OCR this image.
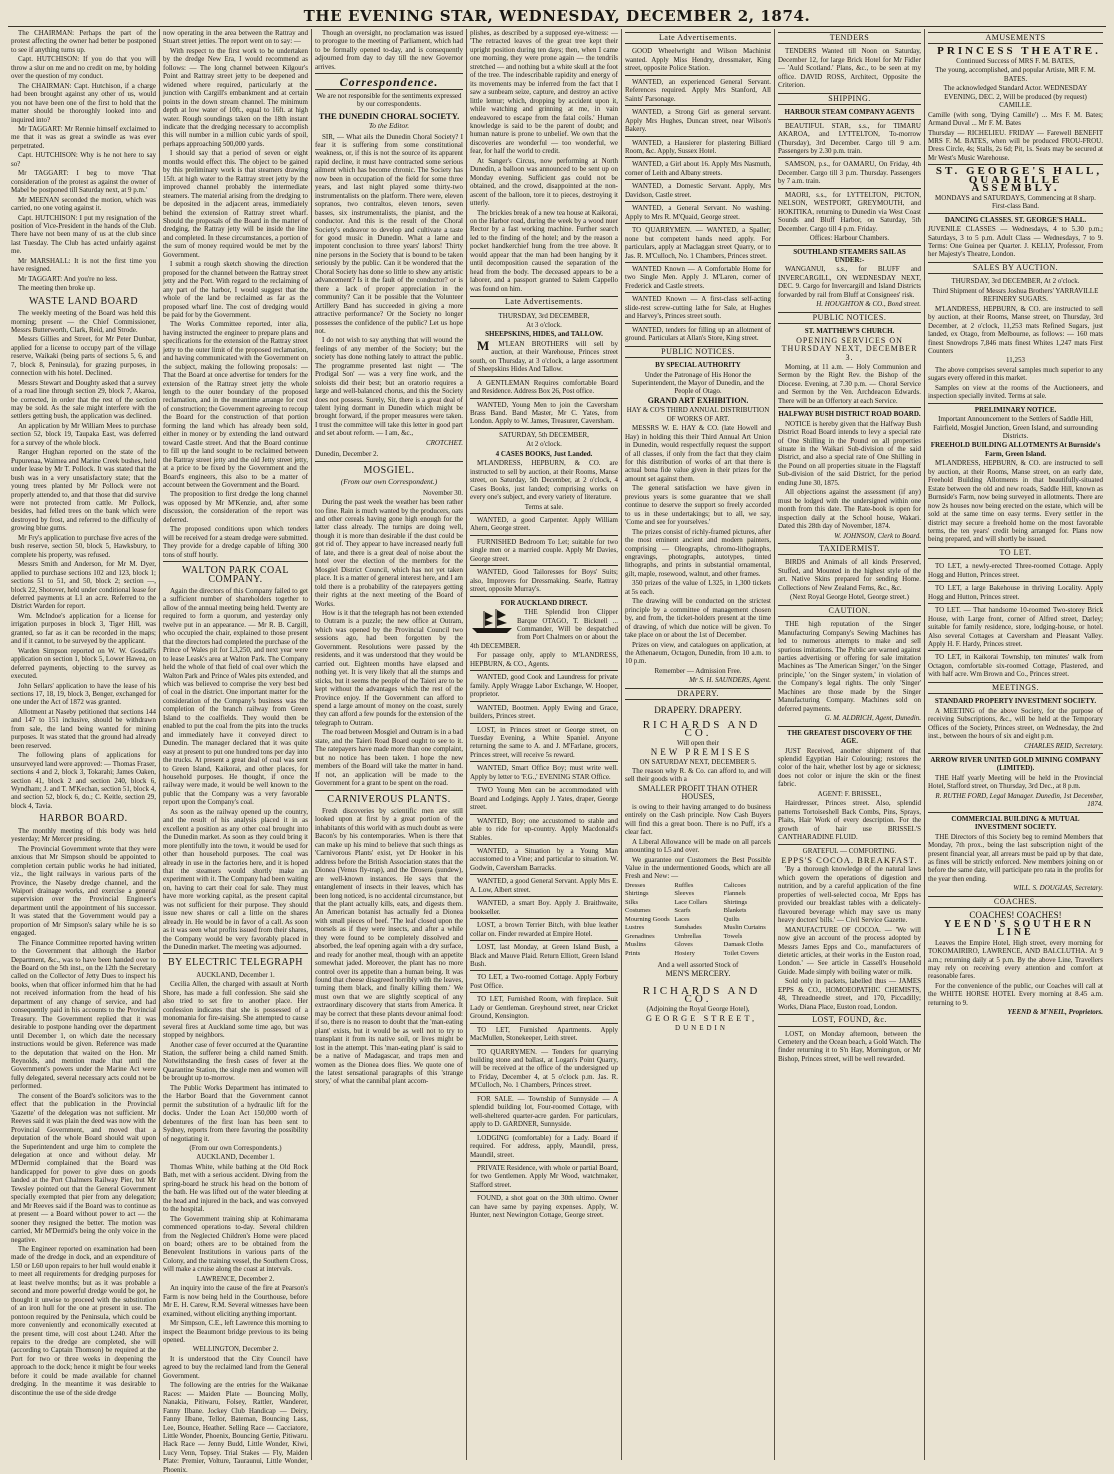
THE EVENING STAR, WEDNESDAY, DECEMBER 2, 1874.

The CHAIRMAN: Perhaps the part of the protest affecting the owner had better be postponed to see if anything turns up.

Capt. HUTCHISON: If you do that you will throw a slur on me and no credit on me, by holding over the question of my conduct.

The CHAIRMAN: Capt. Hutchison, if a charge had been brought against any other of us, would you not have been one of the first to hold that the matter should be thoroughly looked into and inquired into?

Mr TAGGART: Mr Rennie himself exclaimed to me that it was as great a swindle as was ever perpetrated.

Capt. HUTCHISON: Why is he not here to say so?

Mr TAGGART: I beg to move 'That consideration of the protest as against the owner of Mabel be postponed till Saturday next, at 9 p.m.'

Mr MEENAN seconded the motion, which was carried, no one voting against it.

Capt. HUTCHISON: I put my resignation of the position of Vice-President in the hands of the Club. There have not been many of us at the club since last Tuesday. The Club has acted unfairly against me.

Mr MARSHALL: It is not the first time you have resigned.

Mr TAGGART: And you're no less.

The meeting then broke up.

WASTE LAND BOARD

The weekly meeting of the Board was held this morning; present — the Chief Commissioner, Messrs Butterworth, Clark, Reid, and Strode.

Messrs Gillies and Street, for Mr Peter Dunbar, applied for a license to occupy part of the village reserve, Waikaki (being parts of sections 5, 6, and 7, block 8, Peninsula), for grazing purposes, in connection with his hotel. Declined.

Messrs Stewart and Doughty asked that a survey of a road line through section 29, block 7, Akaroa, be corrected, in order that the rest of the section may be sold. As the sale might interfere with the settlers getting bush, the application was declined.

An application by Mr William Mees to purchase section 52, block 19, Taupaka East, was deferred for a survey of the whole block.

Ranger Hughan reported on the state of the Pupurenaa, Waimea and Marine Creek bushes, held under lease by Mr T. Pollock. It was stated that the bush was in a very unsatisfactory state; that the young trees planted by Mr Pollock were not properly attended to, and that those that did survive were not protected from cattle. Mr Pollock, besides, had felled trees on the bank which were destroyed by frost, and referred to the difficulty of growing blue gums.

Mr Fry's application to purchase five acres of the bush reserve, section 50, block 5, Hawksbury, to complete his property, was refused.

Messrs Smith and Anderson, for Mr M. Dyer, applied to purchase sections 102 and 123, block 1; sections 51 to 51, and 50, block 2; section —, block 22, Shotover, held under conditional lease for deferred payments at L1 an acre. Referred to the District Warden for report.

Wm. McIndoe's application for a license for irrigation purposes in block 3, Tiger Hill, was granted, so far as it can be recorded in the maps; and if it cannot, to be surveyed by the applicant.

Warden Simpson reported on W. W. Gosdall's application on section 1, block 5, Lower Hawea, on deferred payments, objecting to the survey as executed.

John Sellars' application to have the lease of his sections 17, 18, 19, block 3, Benger, exchanged for one under the Act of 1872 was granted.

Allotment at Naseby petitioned that sections 144 and 147 to 151 inclusive, should be withdrawn from sale, the land being wanted for mining purposes. It was stated that the ground had already been reserved.

The following plans of applications for unsurveyed land were approved: — Thomas Fraser, sections 4 and 2, block 3, Tokarahi; James Oaken, section 41, block 2 and section 240, block 6, Wyndham; J. and T. M'Kechan, section 51, block 4, and section 52, block 6, do.; C. Keitle, section 29, block 4, Tavia.

HARBOR BOARD.

The monthly meeting of this body was held yesterday; Mr Mercer presiding.

The Provincial Government wrote that they were anxious that Mr Simpson should be appointed to completion certain public works he had initiated, viz., the light railways in various parts of the Province, the Naseby dredge channel, and the Waipori drainage works, and exercise a general supervision over the Provincial Engineer's department until the appointment of his successor. It was stated that the Government would pay a proportion of Mr Simpson's salary while he is so engaged.

The Finance Committee reported having written to the Government that although the Harbor Department, &c., was to have been handed over to the Board on the 5th inst., on the 12th the Secretary called on the Collector of Jetty Dues to inspect his books, when that officer informed him that he had not received information from the head of his department of any change of service, and had consequently paid in his accounts to the Provincial Treasury. The Government replied that it was desirable to postpone handing over the department until December 1, on which date the necessary instructions would be given. Reference was made to the deputation that waited on the Hon. Mr Reynolds, and mention made that until the Government's powers under the Marine Act were fully delegated, several necessary acts could not be performed.

The consent of the Board's solicitors was to the effect that the publication in the Provincial 'Gazette' of the delegation was not sufficient. Mr Reeves said it was plain the deed was now with the Provincial Government, and moved that a deputation of the whole Board should wait upon the Superintendent and urge him to complete the delegation at once and without delay. Mr M'Dermid complained that the Board was handicapped for power to give dues on goods landed at the Port Chalmers Railway Pier, but Mr Tewsley pointed out that the General Government specially exempted that pier from any delegation; and Mr Reeves said if the Board was to continue as at present — a Board without power to act — the sooner they resigned the better. The motion was carried, Mr M'Dermid's being the only voice in the negative.

The Engineer reported on examination had been made of the dredge in dock, and an expenditure of L50 or L60 upon repairs to her hull would enable it to meet all requirements for dredging purposes for at least twelve months; but as it was probable a second and more powerful dredge would be got, he thought it unwise to proceed with the substitution of an iron hull for the one at present in use. The pontoon required by the Peninsula, which could be more conveniently and economically executed at the present time, will cost about L240. After the repairs to the dredge are completed, she will (according to Captain Thomson) be required at the Port for two or three weeks in deepening the approach to the dock; hence it might be four weeks before it could be made available for channel dredging. In the meantime it was desirable to discontinue the use of the side dredge

now operating in the area between the Rattray and Stuart street jetties. The report went on to say: —

With respect to the first work to be undertaken by the dredge New Era, I would recommend as follows: — The long channel between Kilgour's Point and Rattray street jetty to be deepened and widened where required, particularly at the junction with Cargill's embankment and at certain points in the down stream channel. The minimum depth at low water of 10ft., equal to 16ft. at high water. Rough soundings taken on the 18th instant indicate that the dredging necessary to accomplish this will number in a million cubic yards of spoil, perhaps approaching 500,000 yards.

I should say that a period of seven or eight months would effect this. The object to be gained by this preliminary work is that steamers drawing 15ft. at high water to the Rattray street jetty by the improved channel probably the intermediate steamers. The material arising from the dredging to be deposited in the adjacent areas, immediately behind the extension of Rattray street wharf. Should the proposals of the Board in the matter of dredging, the Rattray jetty will be inside the line and completed. In these circumstances, a portion of the sum of money required would be met by the Government.

I submit a rough sketch showing the direction proposed for the channel between the Rattray street jetty and the Port. With regard to the reclaiming of any part of the harbor, I would suggest that the whole of the land be reclaimed as far as the proposed wharf line. The cost of dredging would be paid for by the Government.

The Works Committee reported, inter alia, having instructed the engineer to prepare plans and specifications for the extension of the Rattray street jetty to the outer limit of the proposed reclamation, and having communicated with the Government on the subject, making the following proposals: — That the Board at once advertise for tenders for the extension of the Rattray street jetty the whole length to the outer boundary of the proposed reclamation, and in the meantime arrange for cost of construction; the Government agreeing to recoup the Board for the construction of that portion forming the land which has already been sold, either in money or by extending the land outward toward Castle street. And that the Board continue to fill up the land sought to be reclaimed between the Rattray street jetty and the old Jetty street jetty, at a price to be fixed by the Government and the Board's engineers, this also to be a matter of account between the Government and the Board.

The proposition to first dredge the long channel was opposed by Mr M'Kenzie, and, after some discussion, the consideration of the report was deferred.

The proposed conditions upon which tenders will be received for a steam dredge were submitted. They provide for a dredge capable of lifting 300 tons of stuff hourly.

WALTON PARK COAL COMPANY.

Again the directors of this Company failed to get a sufficient number of shareholders together to allow of the annual meeting being held. Twenty are required to form a quorum, and yesterday only twelve put in an appearance. — Mr R. B. Cargill, who occupied the chair, explained to those present that the directors had completed the purchase of the Prince of Wales pit for L3,250, and next year were to lease Leask's area at Walton Park. The Company held the whole of that field of coal over which the Walton Park and Prince of Wales pits extended, and which was believed to comprise the very best bed of coal in the district. One important matter for the consideration of the Company's business was the completion of the branch railway from Green Island to the coalfields. They would then be enabled to put the coal from the pits into the trucks and immediately have it conveyed direct to Dunedin. The manager declared that it was quite easy at present to put one hundred tons per day into the trucks. At present a great deal of coal was sent to Green Island, Kaikorai, and other places, for household purposes. He thought, if once the railway were made, it would be well known to the public that the Company was a very favorable report upon the Company's coal.

As soon as the railway opened up the country, and the result of his analysis placed it in as excellent a position as any other coal brought into the Dunedin market. As soon as they could bring it more plentifully into the town, it would be used for other than household purposes. The coal was already in use in the factories here, and it is hoped that the steamers would shortly make an experiment with it. The Company had been waiting on, having to cart their coal for sale. They must have more working capital, as the present capital was not sufficient for their purpose. They should issue new shares or call a little on the shares already in. He would be in favor of a call. As soon as it was seen what profits issued from their shares, the Company would be very favorably placed in the Dunedin market. The meeting was adjourned.

BY ELECTRIC TELEGRAPH

AUCKLAND, December 1.

Cecilia Allen, the charged with assault at North Shore, has made a full confession. She said she also tried to set fire to another place. Her confession indicates that she is possessed of a monomania for fire-raising. She attempted to cause several fires at Auckland some time ago, but was stopped by neighbors.

Another case of fever occurred at the Quarantine Station, the sufferer being a child named Smith. Notwithstanding the fresh cases of fever at the Quarantine Station, the single men and women will be brought up to-morrow.

The Public Works Department has intimated to the Harbor Board that the Government cannot permit the substitution of a hydraulic lift for the docks. Under the Loan Act 150,000 worth of debentures of the first loan has been sent to Sydney, reports from there favoring the possibility of negotiating it.

(From our own Correspondents.)

AUCKLAND, December 1.

Thomas White, while bathing at the Old Rock Bath, met with a serious accident. Diving from the spring-board he struck his head on the bottom of the bath. He was lifted out of the water bleeding at the head and injured in the back, and was conveyed to the hospital.

The Government training ship at Kohimarama commenced operations to-day. Several children from the Neglected Children's Home were placed on board; others are to be obtained from the Benevolent Institutions in various parts of the Colony, and the training vessel, the Southern Cross, will make a cruise along the coast at intervals.

LAWRENCE, December 2.

An inquiry into the cause of the fire at Pearson's Farm is now being held in the Courthouse, before Mr E. H. Carew, R.M. Several witnesses have been examined, without eliciting anything important.

Mr Simpson, C.E., left Lawrence this morning to inspect the Beaumont bridge previous to its being opened.

WELLINGTON, December 2.

It is understood that the City Council have agreed to buy the reclaimed land from the General Government.

The following are the entries for the Waikanae Races: — Maiden Plate — Bouncing Molly, Nanakia, Pitiwaru, Folsey, Rattler, Wanderer, Fanny Ilbane. Jockey Club Handicap — Deiry, Fanny Ilbane, Tellor, Bateman, Bouncing Lass, Lee, Bounce, Heather. Selling Race — Cacciatore, Little Wonder, Phoenix, Bouncing Gertie, Pitiwaru. Hack Race — Jenny Budd, Little Wonder, Kiwi, Lucy Venn, Topsey. Trial Stakes — Fly, Maiden Plate: Premier, Volture, Tauraunui, Little Wonder, Phoenix.

Though an oversight, no proclamation was issued to prorogue to the meeting of Parliament, which had to be formally opened to-day, and is consequently adjourned from day to day till the new Governor arrives.

Correspondence.

We are not responsible for the sentiments expressed by our correspondents.

THE DUNEDIN CHORAL SOCIETY.
To the Editor.

SIR, — What ails the Dunedin Choral Society? I fear it is suffering from some constitutional weakness, or, if this is not the source of its apparent rapid decline, it must have contracted some serious ailment which has become chronic. The Society has now been in occupation of the field for some three years, and last night played some thirty-two instrumentalists on the platform. There were, eleven sopranos, two contraltos, eleven tenors, seven basses, six instrumentalists, the pianist, and the conductor. And this is the result of the Choral Society's endeavor to develop and cultivate a taste for good music in Dunedin. What a lame and impotent conclusion to three years' labors! Thirty nine persons in the Society that is bound to be taken seriously by the public. Can it be wondered that the Choral Society has done so little to shew any artistic advancement? Is it the fault of the conductor? or is there a lack of proper appreciation in the community? Can it be possible that the Volunteer Artillery Band has succeeded in giving a more attractive performance? Or the Society no longer possesses the confidence of the public? Let us hope not.

I do not wish to say anything that will wound the feelings of any member of the Society; but the society has done nothing lately to attract the public. The programme presented last night — 'The Prodigal Son' — was a very fine work, and the soloists did their best; but an oratorio requires a large and well-balanced chorus, and this the Society does not possess. Surely, Sir, there is a great deal of talent lying dormant in Dunedin which might be brought forward, if the proper measures were taken. I trust the committee will take this letter in good part and set about reform. — I am, &c.,

CROTCHET.

Dunedin, December 2.

MOSGIEL.
(From our own Correspondent.)

November 30.

During the past week the weather has been rather too fine. Rain is much wanted by the producers, oats and other cereals having gone high enough for the latter class already. The turnips are doing well, though it is more than desirable if the dust could be got rid of. They appear to have increased nearly full of late, and there is a great deal of noise about the hotel over the election of the members for the Mosgiel District Council, which has not yet taken place. It is a matter of general interest here, and I am told there is a probability of the ratepayers getting their rights at the next meeting of the Board of Works.

How is it that the telegraph has not been extended to Outram is a puzzle; the new office at Outram, which was opened by the Provincial Council two sessions ago, had been forgotten by the Government. Resolutions were passed by the residents, and it was understood that they would be carried out. Eighteen months have elapsed and nothing yet. It is very likely that all the stumps and sticks, but it seems the people of the Taieri are to be kept without the advantages which the rest of the Province enjoy. If the Government can afford to spend a large amount of money on the coast, surely they can afford a few pounds for the extension of the telegraph to Outram.

The road between Mosgiel and Outram is in a bad state, and the Taieri Road Board ought to see to it. The ratepayers have made more than one complaint, but no notice has been taken. I hope the new members of the Board will take the matter in hand. If not, an application will be made to the Government for a grant to be spent on the road.

CARNIVEROUS PLANTS.

Fresh discoveries by scientific men are still looked upon at first by a great portion of the inhabitants of this world with as much doubt as were Bacon's by his contemporaries. When is there that can make up his mind to believe that such things as 'Carnivorous Plants' exist, yet Dr Hooker in his address before the British Association states that the Dionea (Venus fly-trap), and the Drosera (sundew), are well-known instances. He says that the entanglement of insects in their leaves, which has been long noticed, is no accidental circumstance, but that the plant actually kills, eats, and digests them. An American botanist has actually fed a Dionea with small pieces of beef. 'The leaf closed upon the morsels as if they were insects, and after a while they were found to be completely dissolved and absorbed, the leaf opening again with a dry surface, and ready for another meal, though with an appetite somewhat jaded. Moreover, the plant has no more control over its appetite than a human being. It was found that cheese disagreed horribly with the leaves, turning them black, and finally killing them.' We must own that we are slightly sceptical of any extraordinary discovery that starts from America. It may be correct that these plants devour animal food: if so, there is no reason to doubt that the 'man-eating plant' exists, but it would be as well not to try to transplant it from its native soil, or lives might be lost in the attempt. This 'man-eating plant' is said to be a native of Madagascar, and traps men and women as the Dionea does flies. We quote one of the latest sensational paragraphs of this 'strange story,' of what the cannibal plant accom-

plishes, as described by a supposed eye-witness: — 'The retracted leaves of the great tree kept their upright position during ten days; then, when I came one morning, they were prone again — the tendrils stretched — and nothing but a white skull at the foot of the tree. The indescribable rapidity and energy of its movements may be inferred from the fact that I saw a sunbeam seize, capture, and destroy an active little lemur; which, dropping by accident upon it, while watching and grinning at me, in vain endeavored to escape from the fatal coils.' Human knowledge is said to be the parent of doubt; and human nature is prone to unbelief. We own that the discoveries are wonderful — too wonderful, we fear, for half the world to credit.

At Sanger's Circus, now performing at North Dunedin, a balloon was announced to be sent up on Monday evening. Sufficient gas could not be obtained, and the crowd, disappointed at the non-ascent of the balloon, tore it to pieces, destroying it utterly.

The brickies break of a new tea house at Kaikorai, on the Harbor road, during the week by a wood nuer Rector by a fast working machine. Further search led to the finding of the hotel; and by the reason a pocket handkerchief hung from the tree above. It would appear that the man had been hanging by it until decomposition caused the separation of the head from the body. The deceased appears to be a laborer, and a passport granted to Salem Cappello was found on him.

Late Advertisements.

THURSDAY, 3rd DECEMBER,

At 3 o'clock.

SHEEPSKINS, HIDES, and TALLOW.

M M'LEAN BROTHERS will sell by auction, at their Warehouse, Princes street south, on Thursday, at 3 o'clock, a large assortment of Sheepskins Hides And Tallow.

A GENTLEMAN Requires comfortable Board and Residence. Address Box 26, Post office.

WANTED, Young Men to join the Caversham Brass Band. Band Master, Mr C. Yates, from London. Apply to W. James, Treasurer, Caversham.

SATURDAY, 5th DECEMBER,

At 2 o'clock.

4 CASES BOOKS, Just Landed.

M'LANDRESS, HEPBURN, & CO. are instructed to sell by auction, at their Rooms, Manse street, on Saturday, 5th December, at 2 o'clock, 4 Cases Books, just landed; comprising works on every one's subject, and every variety of literature.

Terms at sale.

WANTED, a good Carpenter. Apply William Ahern, George street.

FURNISHED Bedroom To Let; suitable for two single men or a married couple. Apply Mr Davies, George street.

WANTED, Good Tailoresses for Boys' Suits; also, Improvers for Dressmaking. Searle, Rattray street, opposite Murray's.

FOR AUCKLAND DIRECT.

THE Splendid Iron Clipper Barque OTAGO, T. Bicknell ... Commander, Will be despatched from Port Chalmers on or about the 4th DECEMBER.

For passage only, apply to M'LANDRESS, HEPBURN, & CO., Agents.

WANTED, good Cook and Laundress for private family. Apply Wragge Labor Exchange, W. Hooper, proprietor.

WANTED, Bootmen. Apply Ewing and Grace, builders, Princes street.

LOST, in Princes street or George street, on Tuesday Evening, a White Spaniel. Anyone returning the same to A. and J. M'Farlane, grocers, Princes street, will receive 5s reward.

WANTED, Smart Office Boy; must write well. Apply by letter to 'F.G.,' EVENING STAR Office.

TWO Young Men can be accommodated with Board and Lodgings. Apply J. Yates, draper, George street.

WANTED, Boy; one accustomed to stable and able to ride for up-country. Apply Macdonald's Stables.

WANTED, a Situation by a Young Man accustomed to a Vine; and particular to situation. W. Godwin, Caversham Barracks.

WANTED, a good General Servant. Apply Mrs E. A. Low, Albert street.

WANTED, a smart Boy. Apply J. Braithwaite, bookseller.

LOST, a brown Terrier Bitch, with blue leather collar on. Finder rewarded at Empire Hotel.

LOST, last Monday, at Green Island Bush, a Black and Mauve Plaid. Return Elliott, Green Island Bush.

TO LET, a Two-roomed Cottage. Apply Forbury Post Office.

TO LET, Furnished Room, with fireplace. Suit Lady or Gentleman. Greyhound street, near Cricket Ground, Kensington.

TO LET, Furnished Apartments. Apply MacMullen, Stonekeeper, Leith street.

TO QUARRYMEN. — Tenders for quarrying building stone and ballast, at Logan's Point Quarry, will be received at the office of the undersigned up to Friday, December 4, at 5 o'clock p.m. Jas. R. M'Culloch, No. 1 Chambers, Princes street.

FOR SALE. — Township of Sunnyside — A splendid building lot, Four-roomed Cottage, with well-sheltered quarter-acre garden. For particulars, apply to D. GARDNER, Sunnyside.

LODGING (comfortable) for a Lady. Board if required. For address, apply, Maundil, press, Maundil, street.

PRIVATE Residence, with whole or partial Board, for two Gentlemen. Apply Mr Wood, watchmaker, Stafford street.

FOUND, a shot goat on the 30th ultimo. Owner can have same by paying expenses. Apply, W. Hunter, next Newington Cottage, George street.

Late Advertisements.

GOOD Wheelwright and Wilson Machinist wanted. Apply Miss Hendry, dressmaker, King street, opposite Police Station.

WANTED, an experienced General Servant. References required. Apply Mrs Stanford, All Saints' Parsonage.

WANTED, a Strong Girl as general servant. Apply Mrs Hughes, Duncan street, near Wilson's Bakery.

WANTED, a Hausierer for plastering Billiard Room, &c. Apply, Sussex Hotel.

WANTED, a Girl about 16. Apply Mrs Nasmuth, corner of Leith and Albany streets.

WANTED, a Domestic Servant. Apply, Mrs Davidson, Castle street.

WANTED, a General Servant. No washing. Apply to Mrs R. M'Quaid, George street.

TO QUARRYMEN. — WANTED, a Spaller; none but competent hands need apply. For particulars, apply at Maclaggan street Quarry, or to Jas. R. M'Culloch, No. 1 Chambers, Princes street.

WANTED Known — A Comfortable Home for two Single Men. Apply J. M'Laren, corner of Frederick and Castle streets.

WANTED Known — A first-class self-acting slide-rest screw-cutting lathe for Sale, at Hughes and Harvey's, Princes street south.

WANTED, tenders for filling up an allotment of ground. Particulars at Allan's Store, King street.

PUBLIC NOTICES.

BY SPECIAL AUTHORITY

Under the Patronage of His Honor the Superintendent, the Mayor of Dunedin, and the People of Otago.

GRAND ART EXHIBITION.

HAY & CO'S THIRD ANNUAL DISTRIBUTION OF WORKS OF ART.

MESSRS W. E. HAY & CO. (late Howell and Hay) in holding this their Third Annual Art Union in Dunedin, would respectfully request the support of all classes, if only from the fact that they claim for this distribution of works of art that there is actual bona fide value given in their prizes for the amount set against them.

The general satisfaction we have given in previous years is some guarantee that we shall continue to deserve the support so freely accorded to us in these undertakings; but to all, we say, 'Come and see for yourselves.'

The prizes consist of richly-framed pictures, after the most eminent ancient and modern painters, comprising — Oleographs, chromo-lithographs, engravings, photographs, autotypes, tinted lithographs, and prints in substantial ornamental, gilt, maple, rosewood, walnut, and other frames.

350 prizes of the value of L325, in 1,300 tickets at 5s each.

The drawing will be conducted on the strictest principle by a committee of management chosen by, and from, the ticket-holders present at the time of drawing, of which due notice will be given. To take place on or about the 1st of December.

Prizes on view, and catalogues on application, at the Athenaeum, Octagon, Dunedin, from 10 a.m. to 10 p.m.

Remember — Admission Free.

Mr S. H. SAUNDERS, Agent.
DRAPERY.

DRAPERY. DRAPERY.

RICHARDS AND CO.

Will open their

NEW PREMISES

ON SATURDAY NEXT, DECEMBER 5.

The reason why R. & Co. can afford to, and will sell their goods with a

SMALLER PROFIT THAN OTHER HOUSES,

is owing to their having arranged to do business entirely on the Cash principle. Now Cash Buyers will find this a great boon. There is no Puff, it's a clear fact.

A Liberal Allowance will be made on all parcels amounting to L5 and over.

We guarantee our Customers the Best Possible Value in the undermentioned Goods, which are all Fresh and New: —

Dresses	Ruffles	Calicoes
Shirtings	Sleeves	Flannels
Silks	Lace Collars	Shirtings
Costumes	Scarfs	Blankets
Mourning Goods Laces	Quilts
Lustres	Sunshades	Muslin Curtains
Grenadines	Umbrellas	Towels
Muslins	Gloves	Damask Cloths
Prints	Hosiery	Toilet Covers

And a well assorted Stock of

MEN'S MERCERY.

RICHARDS AND CO.

(Adjoining the Royal George Hotel),

GEORGE STREET,

DUNEDIN

TENDERS

TENDERS Wanted till Noon on Saturday, December 12, for large Brick Hotel for Mr Fidler — 'Auld Scotland.' Plans, &c., to be seen at my office. DAVID ROSS, Architect, Opposite the Criterion.

SHIPPING.

HARBOUR STEAM COMPANY AGENTS

BEAUTIFUL STAR, s.s., for TIMARU AKAROA, and LYTTELTON, To-morrow (Thursday), 3rd December. Cargo till 9 a.m. Passengers by 2.30 p.m. train.

SAMSON, p.s., for OAMARU, On Friday, 4th December. Cargo till 3 p.m. Thursday. Passengers by 7 a.m. train.

MAORI, s.s., for LYTTELTON, PICTON, NELSON, WESTPORT, GREYMOUTH, and HOKITIKA, returning to Dunedin via West Coast Sounds and Bluff Harbor, on Saturday, 5th December. Cargo till 4 p.m. Friday.

Offices: Harbour Chambers.

SOUTHLAND STEAMERS SAIL AS UNDER:-

WANGANUI, s.s., for BLUFF and INVERCARGILL, ON WEDNESDAY NEXT, DEC. 9. Cargo for Invercargill and Island Districts forwarded by rail from Bluff at Consignees' risk.

H. HOUGHTON & CO., Bond street.
PUBLIC NOTICES.

ST. MATTHEW'S CHURCH.

OPENING SERVICES ON THURSDAY NEXT, DECEMBER 3.

Morning, at 11 a.m. — Holy Communion and Sermon by the Right Rev. the Bishop of the Diocese. Evening, at 7.30 p.m. — Choral Service and Sermon by the Ven. Archdeacon Edwards. There will be an Offertory at each Service.

HALFWAY BUSH DISTRICT ROAD BOARD.

NOTICE is hereby given that the Halfway Bush District Road Board intends to levy a special rate of One Shilling in the Pound on all properties situate in the Waikari Sub-division of the said District, and also a special rate of One Shilling in the Pound on all properties situate in the Flagstaff Sub-division of the said District, for the period ending June 30, 1875.

All objections against the assessment (if any) must be lodged with the undersigned within one month from this date. The Rate-book is open for inspection daily at the School house, Wakari. Dated this 28th day of November, 1874.

W. JOHNSON, Clerk to Board.
TAXIDERMIST.

BIRDS and Animals of all kinds Preserved, Stuffed, and Mounted in the highest style of the art. Native Skins prepared for sending Home. Collections of New Zealand Ferns, &c., &c.

(Next Royal George Hotel, George street.)

CAUTION.

THE high reputation of the Singer Manufacturing Company's Sewing Machines has led to numerous attempts to make and sell spurious imitations. The Public are warned against parties advertising or offering for sale imitation Machines as 'The American Singer,' 'on the Singer principle,' 'on the Singer system,' in violation of the Company's legal rights. The only 'Singer' Machines are those made by the Singer Manufacturing Company. Machines sold on deferred payments.

G. M. ALDRICH, Agent, Dunedin.

THE GREATEST DISCOVERY OF THE AGE.

JUST Received, another shipment of that splendid Egyptian Hair Colouring; restores the color of the hair, whether lost by age or sickness; does not color or injure the skin or the finest fabric.

AGENT: F. BRISSEL,

Hairdresser, Princes street. Also, splendid patterns Tortoiseshell Back Combs, Pins, Sprays, Plaits, Hair Work of every description. For the growth of hair use BRISSEL'S CANTHARADINE FLUID.

GRATEFUL — COMFORTING.

EPPS'S COCOA. BREAKFAST.

'By a thorough knowledge of the natural laws which govern the operations of digestion and nutrition, and by a careful application of the fine properties of well-selected cocoa, Mr Epps has provided our breakfast tables with a delicately-flavoured beverage which may save us many heavy doctors' bills.' — Civil Service Gazette.

MANUFACTURE OF COCOA. — 'We will now give an account of the process adopted by Messrs James Epps and Co., manufacturers of dietetic articles, at their works in the Euston road, London.' — See article in Cassell's Household Guide. Made simply with boiling water or milk.

Sold only in packets, labelled thus — JAMES EPPS & CO., HOMOEOPATHIC CHEMISTS, 48, Threadneedle street, and 170, Piccadilly; Works, Diana Place, Euston road, London.

LOST, FOUND, &c.

LOST, on Monday afternoon, between the Cemetery and the Ocean beach, a Gold Watch. The finder returning it to S'n Hay, Mornington, or Mr Bishop, Princes street, will be well rewarded.

AMUSEMENTS

PRINCESS THEATRE.

Continued Success of MRS F. M. BATES,

The young, accomplished, and popular Artiste, MR F. M. BATES.

The acknowledged Standard Actor. WEDNESDAY EVENING, DEC. 2, Will be produced (by request) CAMILLE.

Camille (with song, 'Dying Camille') ... Mrs F. M. Bates; Armand Duval ... Mr F. M. Bates

Thursday — RICHELIEU. FRIDAY — Farewell BENEFIT MRS F. M. BATES, when will be produced FROU-FROU. Dress Circle, 4s; Stalls, 2s 6d; Pit, 1s. Seats may be secured at Mr West's Music Warehouse.

ST. GEORGE'S HALL, QUADRILLE ASSEMBLY.

MONDAYS and SATURDAYS, Commencing at 8 sharp. First-class Band.

DANCING CLASSES. ST. GEORGE'S HALL.

JUVENILE CLASSES — Wednesdays, 4 to 5.30 p.m.; Saturdays, 3 to 5 p.m. Adult Class — Wednesdays, 7 to 9. Terms: One Guinea per Quarter. J. KELLY, Professor, From her Majesty's Theatre, London.

SALES BY AUCTION.

THURSDAY, 3rd DECEMBER, At 2 o'clock.

Third Shipment of Messrs Joshua Brothers' YARRAVILLE REFINERY SUGARS.

M'LANDRESS, HEPBURN, & CO. are instructed to sell by auction, at their Rooms, Manse street, on Thursday, 3rd December, at 2 o'clock, 11,253 mats Refined Sugars, just landed, ex Otago, from Melbourne, as follows: — 160 mats finest Snowdrops 7,846 mats finest Whites 1,247 mats First Counters

11,253

The above comprises several samples much superior to any sugars every offered in this market.

Samples on view at the rooms of the Auctioneers, and inspection specially invited. Terms at sale.

PRELIMINARY NOTICE.

Important Announcement to the Settlers of Saddle Hill, Fairfield, Mosgiel Junction, Green Island, and surrounding Districts.

FREEHOLD BUILDING ALLOTMENTS At Burnside's Farm, Green Island.

M'LANDRESS, HEPBURN, & CO. are instructed to sell by auction, at their Rooms, Manse street, on an early date, Freehold Building Allotments in that beautifully-situated Estate between the old and new roads, Saddle Hill, known as Burnside's Farm, now being surveyed in allotments. There are now 2s houses now being erected on the estate, which will be sold at the same time on easy terms. Every settler in the district may secure a freehold home on the most favorable terms, the ten years' credit being arranged for. Plans now being prepared, and will shortly be issued.

TO LET.

TO LET, a newly-erected Three-roomed Cottage. Apply Hogg and Hutton, Princes street.

TO LET, a large Bakehouse in thriving Locality. Apply Hogg and Hutton, Princes street.

TO LET. — That handsome 10-roomed Two-storey Brick House, with Large front, corner of Alfred street, Darley; suitable for family residence, store, lodging-house, or hotel. Also several Cottages at Caversham and Pleasant Valley. Apply H. F. Hardy, Princes street.

TO LET, in Kaikorai Township, ten minutes' walk from Octagon, comfortable six-roomed Cottage, Plastered, and with half acre. Wm Brown and Co., Princes street.

MEETINGS.

STANDARD PROPERTY INVESTMENT SOCIETY.

A MEETING of the above Society, for the purpose of receiving Subscriptions, &c., will be held at the Temporary Offices of the Society, Princes street, on Wednesday, the 2nd inst., between the hours of six and eight p.m.

CHARLES REID, Secretary.

ARROW RIVER UNITED GOLD MINING COMPANY (LIMITED).

THE Half yearly Meeting will be held in the Provincial Hotel, Stafford street, on Thursday, 3rd Dec., at 8 p.m.

R. RUTHE FORD, Legal Manager. Dunedin, 1st December, 1874.

COMMERCIAL BUILDING & MUTUAL INVESTMENT SOCIETY.

THE Directors of this Society beg to remind Members that Monday, 7th prox., being the last subscription night of the present financial year, all arrears must be paid up by that date, as fines will be strictly enforced. New members joining on or before the same date, will participate pro rata in the profits for the year then ending.

WILL. S. DOUGLAS, Secretary.
COACHES.

COACHES! COACHES!

YEEND'S SOUTHERN LINE

Leaves the Empire Hotel, High street, every morning for TOKOMAIRIRO, LAWRENCE, AND BALCLUTHA. At 9 a.m.; returning daily at 5 p.m. By the above Line, Travellers may rely on receiving every attention and comfort at reasonable fares.

For the convenience of the public, our Coaches will call at the WHITE HORSE HOTEL Every morning at 8.45 a.m. returning to 9.

YEEND & M'NEIL, Proprietors.
